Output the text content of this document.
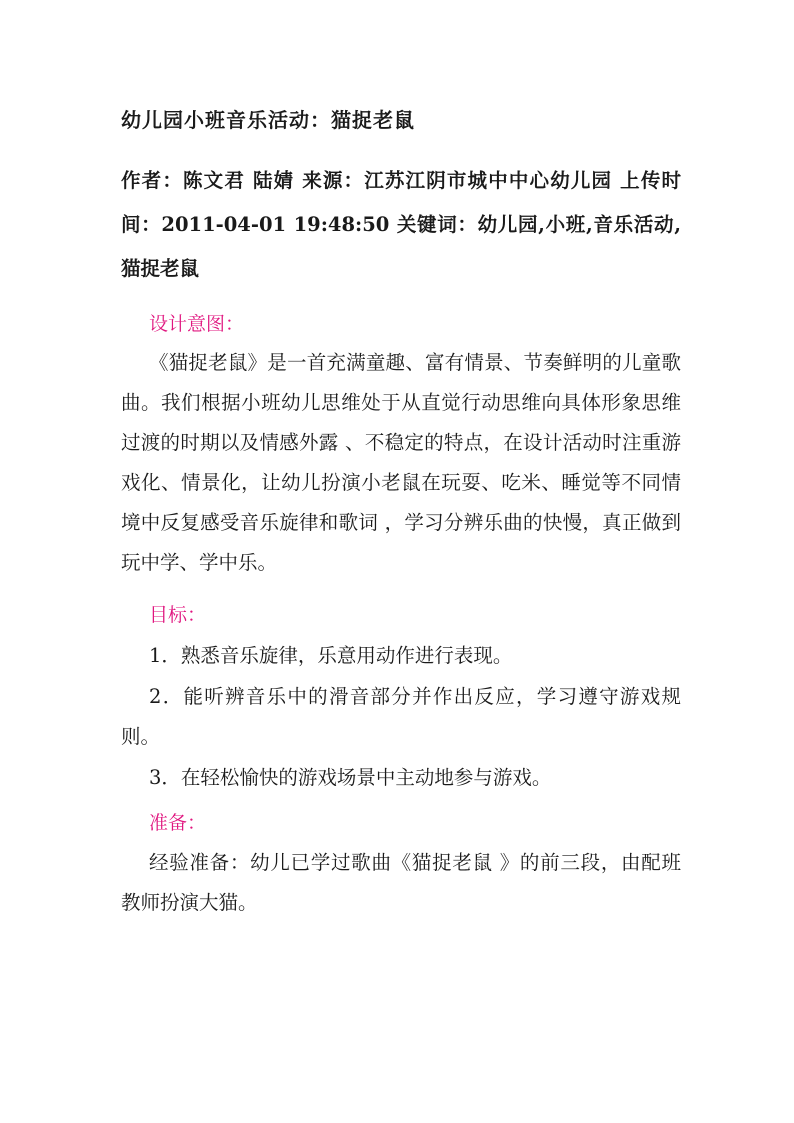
幼儿园小班音乐活动：猫捉老鼠
作者：陈文君 陆婧 来源：江苏江阴市城中中心幼儿园 上传时间：2011-04-01 19:48:50 关键词：幼儿园,小班,音乐活动,猫捉老鼠
设计意图：
《猫捉老鼠》是一首充满童趣、富有情景、节奏鲜明的儿童歌曲。我们根据小班幼儿思维处于从直觉行动思维向具体形象思维过渡的时期以及情感外露 、不稳定的特点，在设计活动时注重游戏化、情景化，让幼儿扮演小老鼠在玩耍、吃米、睡觉等不同情境中反复感受音乐旋律和歌词 ，学习分辨乐曲的快慢，真正做到玩中学、学中乐。
目标：
1．熟悉音乐旋律，乐意用动作进行表现。
2．能听辨音乐中的滑音部分并作出反应，学习遵守游戏规则。
3．在轻松愉快的游戏场景中主动地参与游戏。
准备：
经验准备：幼儿已学过歌曲《猫捉老鼠 》的前三段，由配班教师扮演大猫。
